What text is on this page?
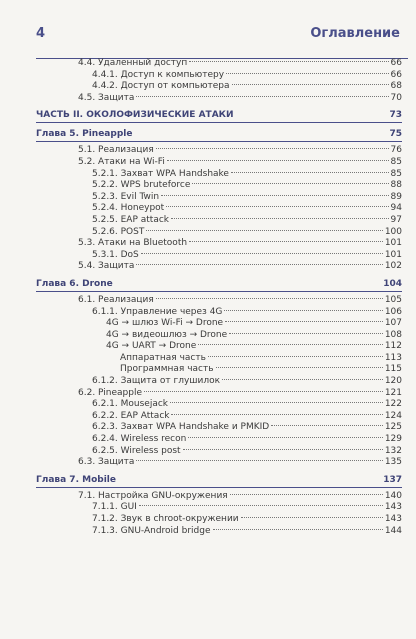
4	Оглавление
4.4. Удаленный доступ	66
4.4.1. Доступ к компьютеру	66
4.4.2. Доступ от компьютера	68
4.5. Защита	70
ЧАСТЬ II. ОКОЛОФИЗИЧЕСКИЕ АТАКИ	73
Глава 5. Pineapple	75
5.1. Реализация	76
5.2. Атаки на Wi-Fi	85
5.2.1. Захват WPA Handshake	85
5.2.2. WPS bruteforce	88
5.2.3. Evil Twin	89
5.2.4. Honeypot	94
5.2.5. EAP attack	97
5.2.6. POST	100
5.3. Атаки на Bluetooth	101
5.3.1. DoS	101
5.4. Защита	102
Глава 6. Drone	104
6.1. Реализация	105
6.1.1. Управление через 4G	106
4G → шлюз Wi-Fi → Drone	107
4G → видеошлюз → Drone	108
4G → UART → Drone	112
Аппаратная часть	113
Программная часть	115
6.1.2. Защита от глушилок	120
6.2. Pineapple	121
6.2.1. Mousejack	122
6.2.2. EAP Attack	124
6.2.3. Захват WPA Handshake и PMKID	125
6.2.4. Wireless recon	129
6.2.5. Wireless post	132
6.3. Защита	135
Глава 7. Mobile	137
7.1. Настройка GNU-окружения	140
7.1.1. GUI	143
7.1.2. Звук в chroot-окружении	143
7.1.3. GNU-Android bridge	144
